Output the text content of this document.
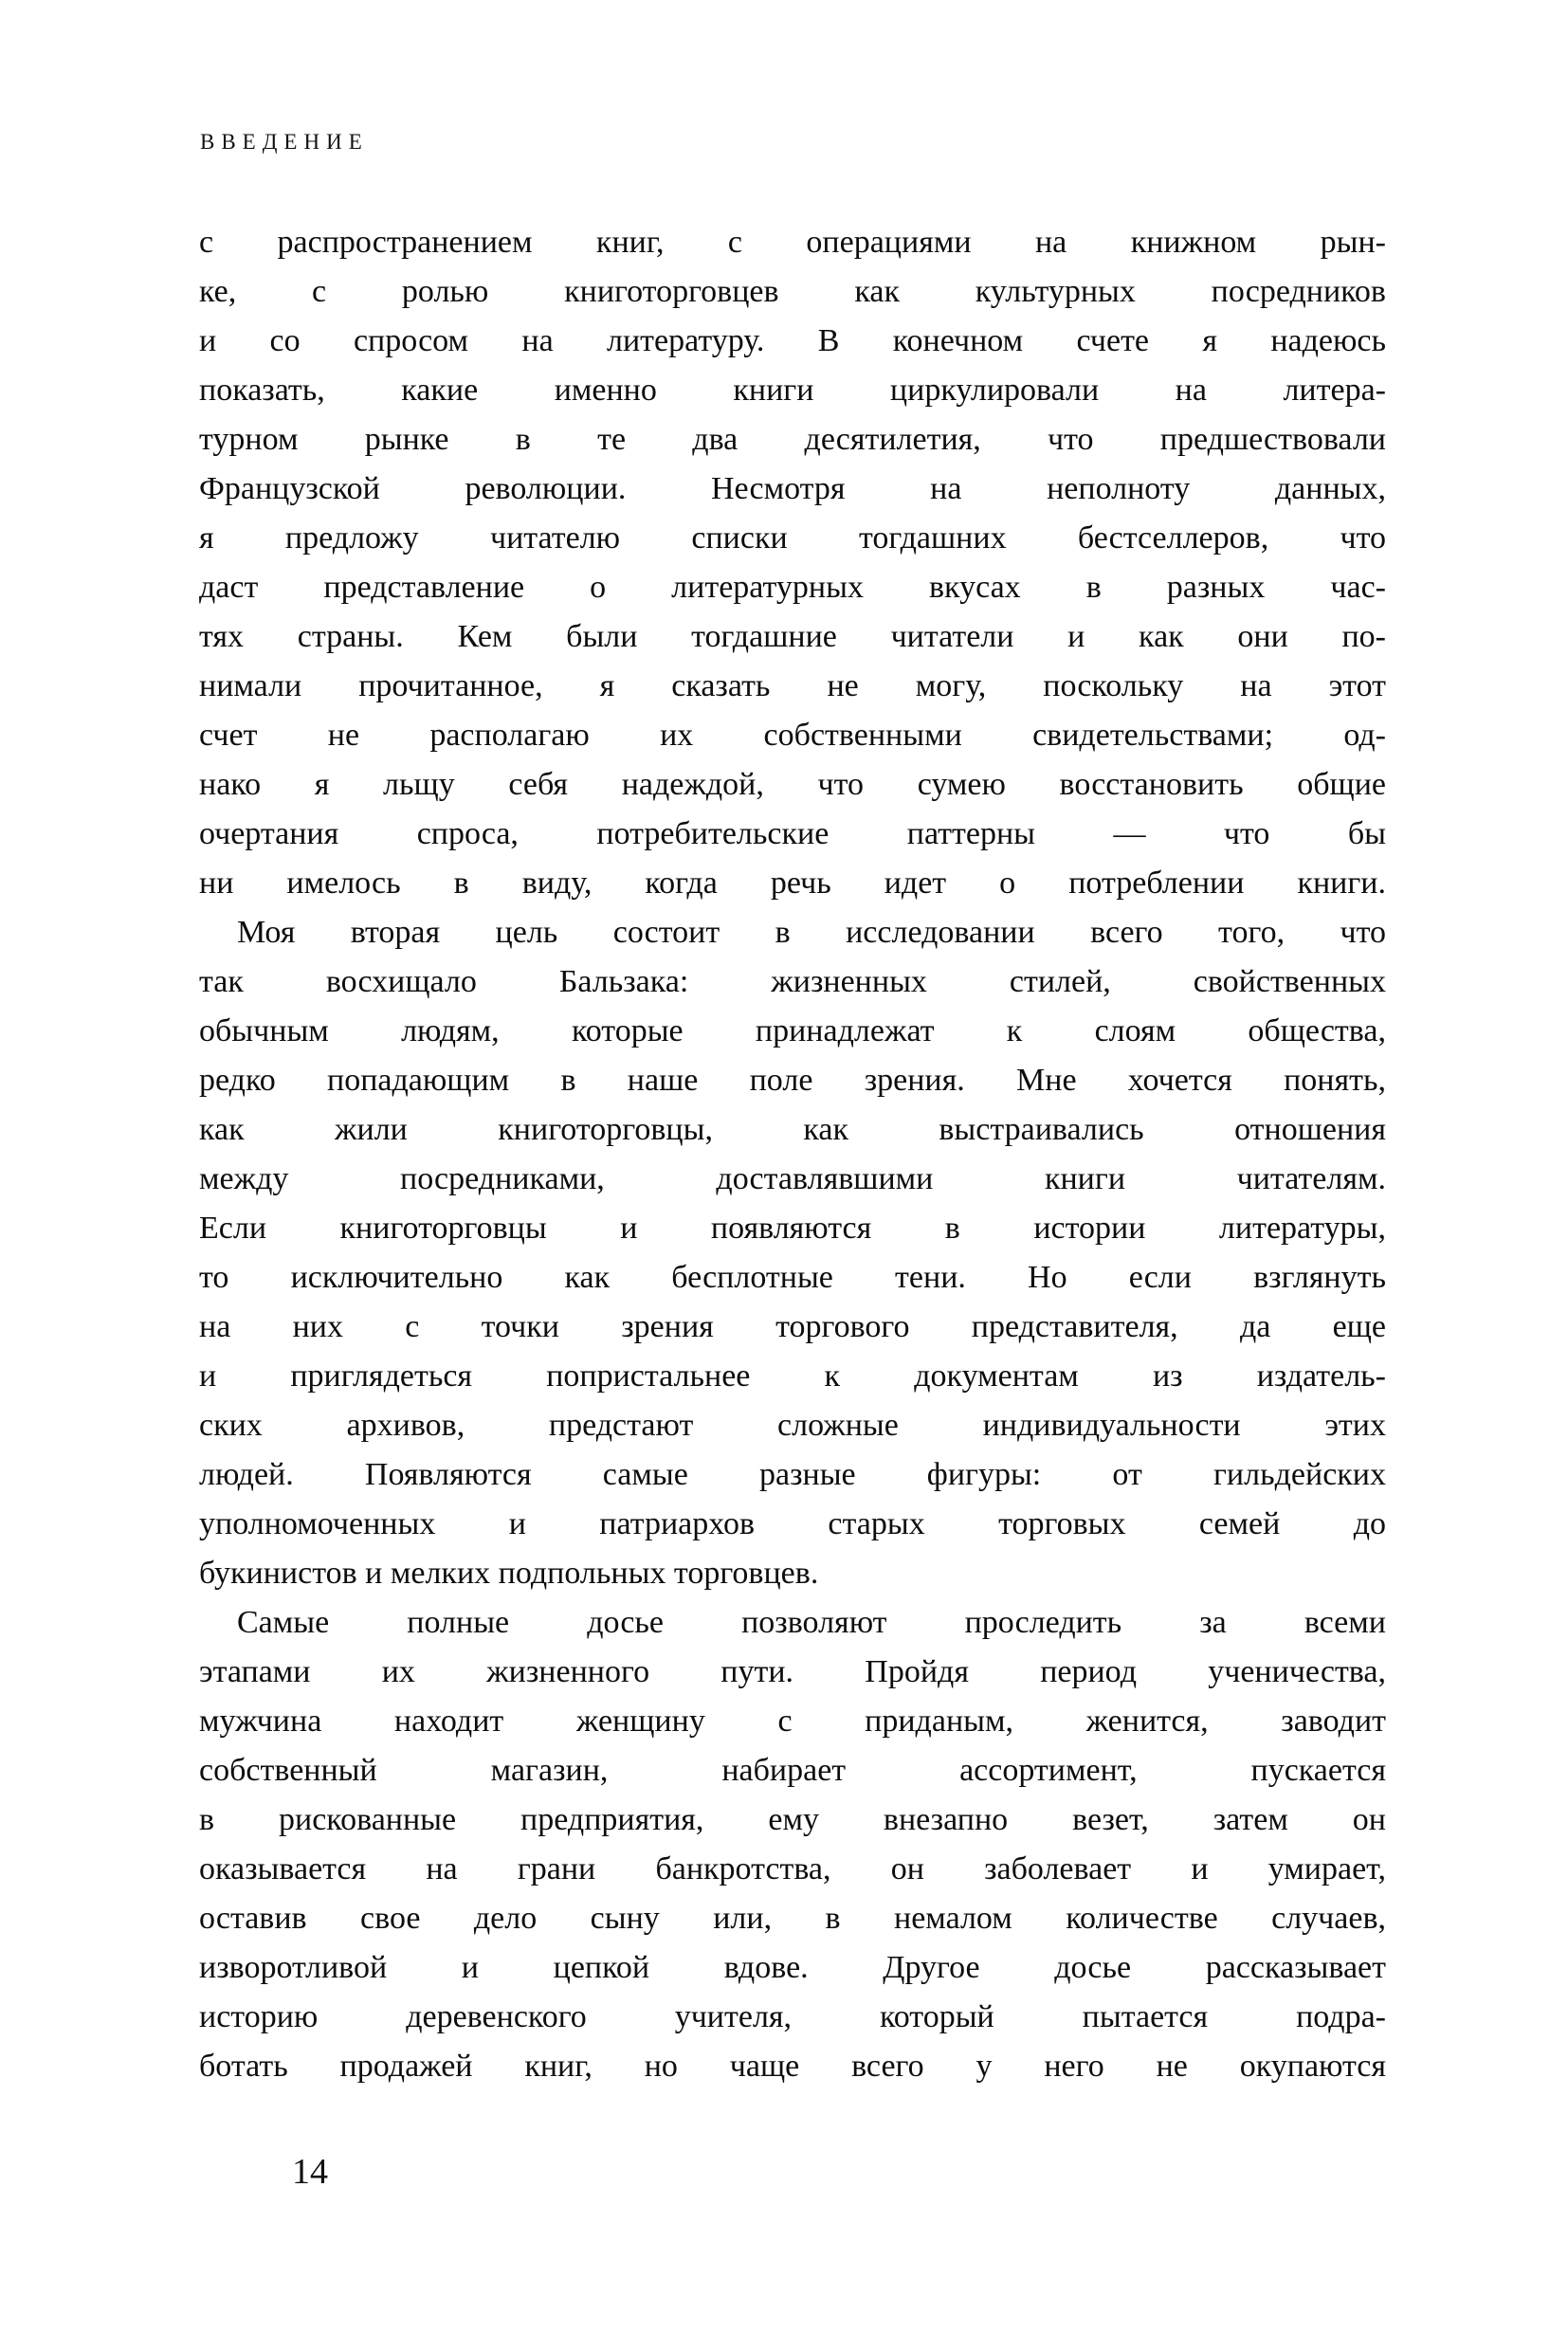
ВВЕДЕНИЕ
с распространением книг, с операциями на книжном рын-
ке, с ролью книготорговцев как культурных посредников
и со спросом на литературу. В конечном счете я надеюсь
показать, какие именно книги циркулировали на литера-
турном рынке в те два десятилетия, что предшествовали
Французской революции. Несмотря на неполноту данных,
я предложу читателю списки тогдашних бестселлеров, что
даст представление о литературных вкусах в разных час-
тях страны. Кем были тогдашние читатели и как они по-
нимали прочитанное, я сказать не могу, поскольку на этот
счет не располагаю их собственными свидетельствами; од-
нако я льщу себя надеждой, что сумею восстановить общие
очертания спроса, потребительские паттерны — что бы
ни имелось в виду, когда речь идет о потреблении книги.
Моя вторая цель состоит в исследовании всего того, что
так восхищало Бальзака: жизненных стилей, свойственных
обычным людям, которые принадлежат к слоям общества,
редко попадающим в наше поле зрения. Мне хочется понять,
как жили книготорговцы, как выстраивались отношения
между посредниками, доставлявшими книги читателям.
Если книготорговцы и появляются в истории литературы,
то исключительно как бесплотные тени. Но если взглянуть
на них с точки зрения торгового представителя, да еще
и приглядеться попристальнее к документам из издатель-
ских архивов, предстают сложные индивидуальности этих
людей. Появляются самые разные фигуры: от гильдейских
уполномоченных и патриархов старых торговых семей до
букинистов и мелких подпольных торговцев.
Самые полные досье позволяют проследить за всеми
этапами их жизненного пути. Пройдя период ученичества,
мужчина находит женщину с приданым, женится, заводит
собственный магазин, набирает ассортимент, пускается
в рискованные предприятия, ему внезапно везет, затем он
оказывается на грани банкротства, он заболевает и умирает,
оставив свое дело сыну или, в немалом количестве случаев,
изворотливой и цепкой вдове. Другое досье рассказывает
историю деревенского учителя, который пытается подра-
ботать продажей книг, но чаще всего у него не окупаются
14
